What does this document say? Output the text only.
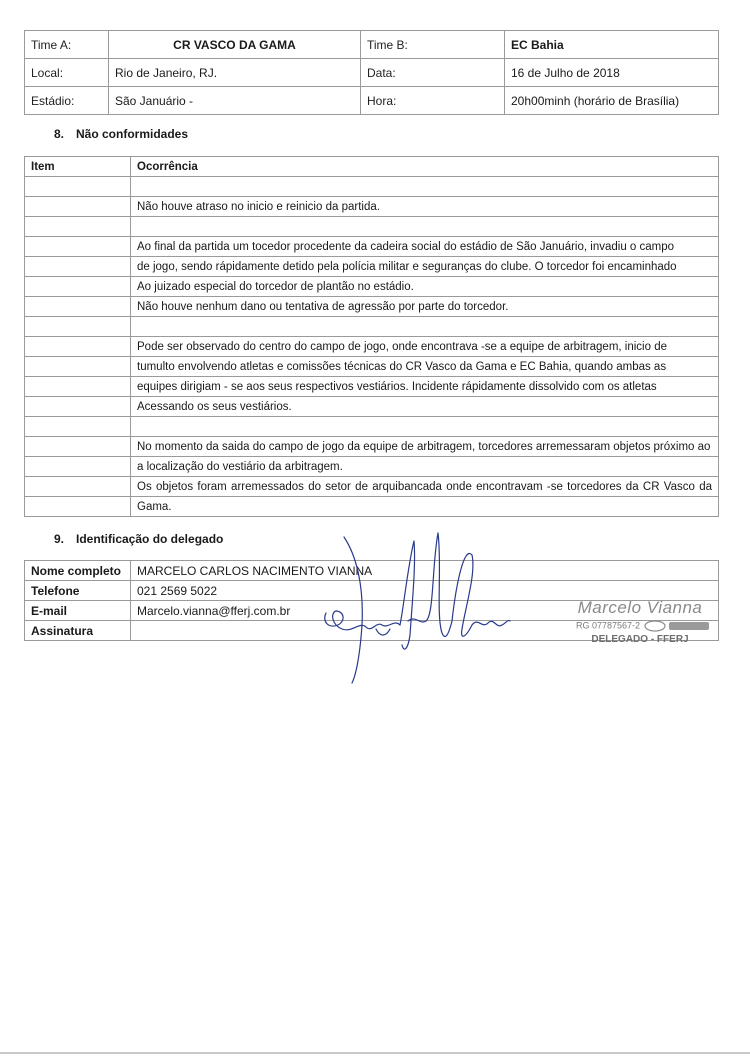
Time A:	CR VASCO DA GAMA	Time B:	EC Bahia
Local:	Rio de Janeiro, RJ.	Data:	16 de Julho de 2018
Estádio:	São Januário -	Hora:	20h00minh (horário de Brasília)
8. Não conformidades
Item	Ocorrência

	Não houve atraso no inicio e reinicio da partida.

	Ao final da partida um tocedor procedente da cadeira social do estádio de São Januário, invadiu o campo
	de jogo, sendo rápidamente detido pela polícia militar e seguranças do clube. O torcedor foi encaminhado
	Ao juizado especial do torcedor de plantão no estádio.
	Não houve nenhum dano ou tentativa de agressão por parte do torcedor.

	Pode ser observado do centro do campo de jogo, onde encontrava -se a equipe de arbitragem, inicio de
	tumulto envolvendo atletas e comissões técnicas do CR Vasco da Gama e EC Bahia, quando ambas as
	equipes dirigiam - se aos seus respectivos vestiários. Incidente rápidamente dissolvido com os atletas
	Acessando os seus vestiários.

	No momento da saida do campo de jogo da equipe de arbitragem, torcedores arremessaram objetos próximo ao
	a localização do vestiário da arbitragem.
	Os objetos foram arremessados do setor de arquibancada onde encontravam -se torcedores da CR Vasco da
	Gama.
9. Identificação do delegado
Nome completo	MARCELO CARLOS NACIMENTO VIANNA
Telefone	021 2569 5022
E-mail	Marcelo.vianna@fferj.com.br
Assinatura	
Marcelo Vianna
RG 07787567-2
DELEGADO - FFERJ
